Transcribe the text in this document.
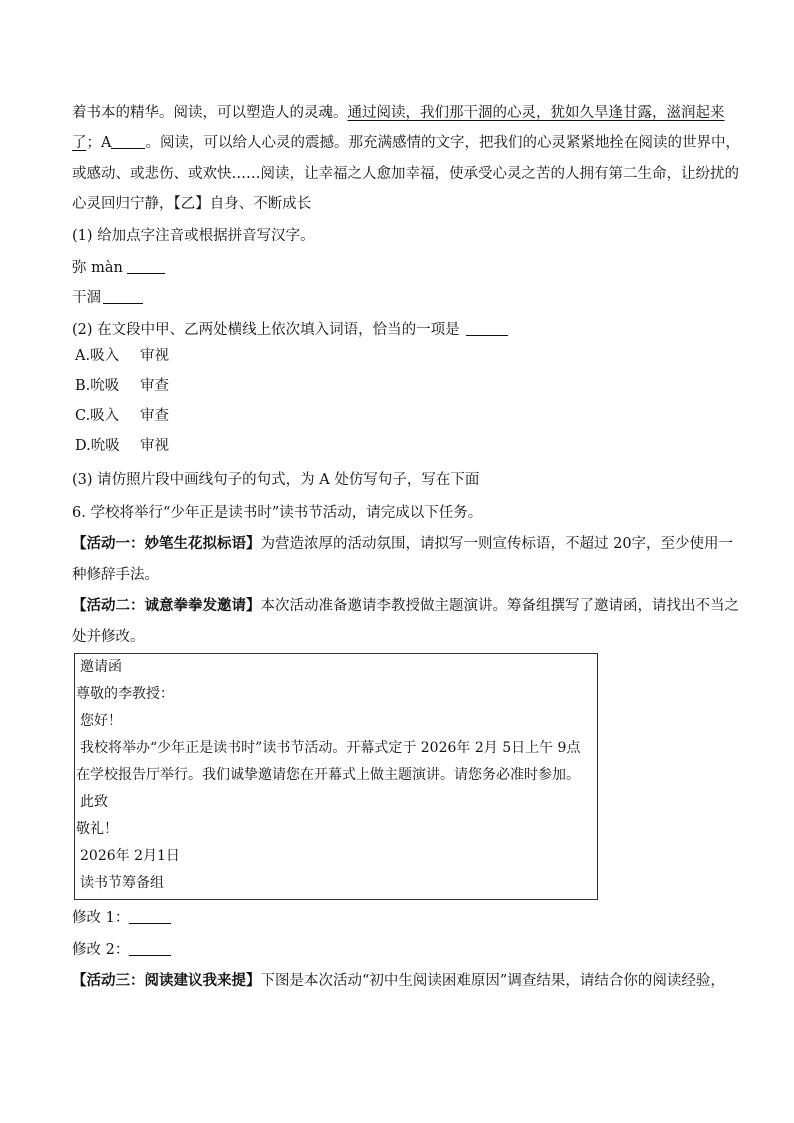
着书本的精华。阅读，可以塑造人的灵魂。通过阅读，我们那干涸的心灵，犹如久旱逢甘露，滋润起来
了；A 。阅读，可以给人心灵的震撼。那充满感情的文字，把我们的心灵紧紧地拴在阅读的世界中，
或感动、或悲伤、或欢快……阅读，让幸福之人愈加幸福，使承受心灵之苦的人拥有第二生命，让纷扰的
心灵回归宁静，【乙】自身、不断成长
(1) 给加点字注音或根据拼音写汉字。
弥 màn
干涸
(2) 在文段中甲、乙两处横线上依次填入词语，恰当的一项是
A.吸入 审视
B.吮吸 审查
C.吸入 审查
D.吮吸 审视
(3) 请仿照片段中画线句子的句式，为 A 处仿写句子，写在下面
6. 学校将举行“少年正是读书时”读书节活动，请完成以下任务。
【活动一：妙笔生花拟标语】为营造浓厚的活动氛围，请拟写一则宣传标语，不超过 20字，至少使用一
种修辞手法。
【活动二：诚意拳拳发邀请】本次活动准备邀请李教授做主题演讲。筹备组撰写了邀请函，请找出不当之
处并修改。
邀请函
尊敬的李教授：
您好！
我校将举办“少年正是读书时”读书节活动。开幕式定于 2026年 2月 5日上午 9点
在学校报告厅举行。我们诚挚邀请您在开幕式上做主题演讲。请您务必准时参加。
此致
敬礼！
2026年 2月1日
读书节筹备组
修改 1：
修改 2：
【活动三：阅读建议我来提】下图是本次活动“初中生阅读困难原因”调查结果，请结合你的阅读经验，
